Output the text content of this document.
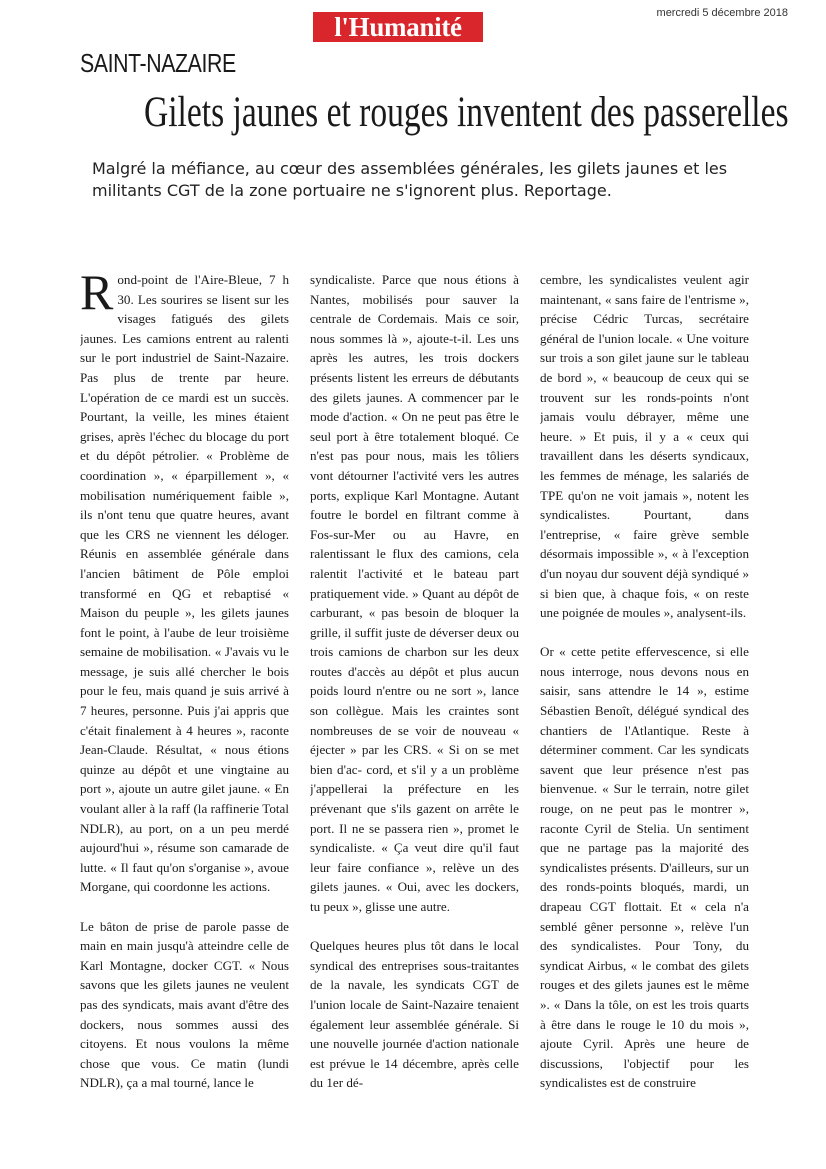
l'Humanité	mercredi 5 décembre 2018
SAINT-NAZAIRE
Gilets jaunes et rouges inventent des passerelles
Malgré la méfiance, au cœur des assemblées générales, les gilets jaunes et les militants CGT de la zone portuaire ne s'ignorent plus. Reportage.

Rond-point de l'Aire-Bleue, 7 h 30. Les sourires se lisent sur les visages fatigués des gilets jaunes. Les camions entrent au ralenti sur le port industriel de Saint-Nazaire. Pas plus de trente par heure. L'opération de ce mardi est un succès. Pourtant, la veille, les mines étaient grises, après l'échec du blocage du port et du dépôt pétrolier. « Problème de coordination », « éparpillement », « mobilisation numériquement faible », ils n'ont tenu que quatre heures, avant que les CRS ne viennent les déloger. Réunis en assemblée générale dans l'ancien bâtiment de Pôle emploi transformé en QG et rebaptisé « Maison du peuple », les gilets jaunes font le point, à l'aube de leur troisième semaine de mobilisation. « J'avais vu le message, je suis allé chercher le bois pour le feu, mais quand je suis arrivé à 7 heures, personne. Puis j'ai appris que c'était finalement à 4 heures », raconte Jean-Claude. Résultat, « nous étions quinze au dépôt et une vingtaine au port », ajoute un autre gilet jaune. « En voulant aller à la raff (la raffinerie Total NDLR), au port, on a un peu merdé aujourd'hui », résume son camarade de lutte. « Il faut qu'on s'organise », avoue Morgane, qui coordonne les actions.

Le bâton de prise de parole passe de main en main jusqu'à atteindre celle de Karl Montagne, docker CGT. « Nous savons que les gilets jaunes ne veulent pas des syndicats, mais avant d'être des dockers, nous sommes aussi des citoyens. Et nous voulons la même chose que vous. Ce matin (lundi NDLR), ça a mal tourné, lance le

syndicaliste. Parce que nous étions à Nantes, mobilisés pour sauver la centrale de Cordemais. Mais ce soir, nous sommes là », ajoute-t-il. Les uns après les autres, les trois dockers présents listent les erreurs de débutants des gilets jaunes. A commencer par le mode d'action. « On ne peut pas être le seul port à être totalement bloqué. Ce n'est pas pour nous, mais les tôliers vont détourner l'activité vers les autres ports, explique Karl Montagne. Autant foutre le bordel en filtrant comme à Fos-sur-Mer ou au Havre, en ralentissant le flux des camions, cela ralentit l'activité et le bateau part pratiquement vide. » Quant au dépôt de carburant, « pas besoin de bloquer la grille, il suffit juste de déverser deux ou trois camions de charbon sur les deux routes d'accès au dépôt et plus aucun poids lourd n'entre ou ne sort », lance son collègue. Mais les craintes sont nombreuses de se voir de nouveau « éjecter » par les CRS. « Si on se met bien d'ac- cord, et s'il y a un problème j'appellerai la préfecture en les prévenant que s'ils gazent on arrête le port. Il ne se passera rien », promet le syndicaliste. « Ça veut dire qu'il faut leur faire confiance », relève un des gilets jaunes. « Oui, avec les dockers, tu peux », glisse une autre.

Quelques heures plus tôt dans le local syndical des entreprises sous-traitantes de la navale, les syndicats CGT de l'union locale de Saint-Nazaire tenaient également leur assemblée générale. Si une nouvelle journée d'action nationale est prévue le 14 décembre, après celle du 1er dé-

cembre, les syndicalistes veulent agir maintenant, « sans faire de l'entrisme », précise Cédric Turcas, secrétaire général de l'union locale. « Une voiture sur trois a son gilet jaune sur le tableau de bord », « beaucoup de ceux qui se trouvent sur les ronds-points n'ont jamais voulu débrayer, même une heure. » Et puis, il y a « ceux qui travaillent dans les déserts syndicaux, les femmes de ménage, les salariés de TPE qu'on ne voit jamais », notent les syndicalistes. Pourtant, dans l'entreprise, « faire grève semble désormais impossible », « à l'exception d'un noyau dur souvent déjà syndiqué » si bien que, à chaque fois, « on reste une poignée de moules », analysent-ils.

Or « cette petite effervescence, si elle nous interroge, nous devons nous en saisir, sans attendre le 14 », estime Sébastien Benoît, délégué syndical des chantiers de l'Atlantique. Reste à déterminer comment. Car les syndicats savent que leur présence n'est pas bienvenue. « Sur le terrain, notre gilet rouge, on ne peut pas le montrer », raconte Cyril de Stelia. Un sentiment que ne partage pas la majorité des syndicalistes présents. D'ailleurs, sur un des ronds-points bloqués, mardi, un drapeau CGT flottait. Et « cela n'a semblé gêner personne », relève l'un des syndicalistes. Pour Tony, du syndicat Airbus, « le combat des gilets rouges et des gilets jaunes est le même ». « Dans la tôle, on est les trois quarts à être dans le rouge le 10 du mois », ajoute Cyril. Après une heure de discussions, l'objectif pour les syndicalistes est de construire
